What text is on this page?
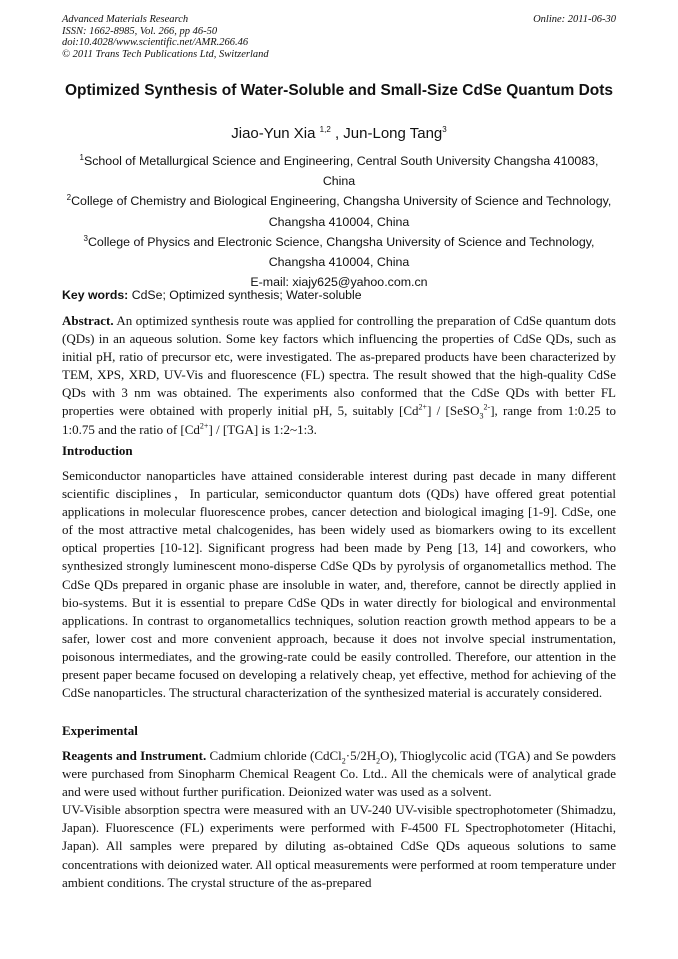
Advanced Materials Research
ISSN: 1662-8985, Vol. 266, pp 46-50
doi:10.4028/www.scientific.net/AMR.266.46
© 2011 Trans Tech Publications Ltd, Switzerland
Online: 2011-06-30
Optimized Synthesis of Water-Soluble and Small-Size CdSe Quantum Dots
Jiao-Yun Xia $^{1,2}$ , Jun-Long Tang$^3$
$^1$School of Metallurgical Science and Engineering, Central South University Changsha 410083, China
$^2$College of Chemistry and Biological Engineering, Changsha University of Science and Technology, Changsha 410004, China
$^3$College of Physics and Electronic Science, Changsha University of Science and Technology, Changsha 410004, China
E-mail: xiajy625@yahoo.com.cn
Key words: CdSe; Optimized synthesis; Water-soluble
Abstract. An optimized synthesis route was applied for controlling the preparation of CdSe quantum dots (QDs) in an aqueous solution. Some key factors which influencing the properties of CdSe QDs, such as initial pH, ratio of precursor etc, were investigated. The as-prepared products have been characterized by TEM, XPS, XRD, UV-Vis and fluorescence (FL) spectra. The result showed that the high-quality CdSe QDs with 3 nm was obtained. The experiments also conformed that the CdSe QDs with better FL properties were obtained with properly initial pH, 5, suitably $[Cd^{2+}]$ / [SeSO$_3^{2-}$], range from 1:0.25 to 1:0.75 and the ratio of $[Cd^{2+}] / [TGA]$ is 1:2~1:3.
Introduction
Semiconductor nanoparticles have attained considerable interest during past decade in many different scientific disciplines，In particular, semiconductor quantum dots (QDs) have offered great potential applications in molecular fluorescence probes, cancer detection and biological imaging [1-9]. CdSe, one of the most attractive metal chalcogenides, has been widely used as biomarkers owing to its excellent optical properties [10-12]. Significant progress had been made by Peng [13, 14] and coworkers, who synthesized strongly luminescent mono-disperse CdSe QDs by pyrolysis of organometallics method. The CdSe QDs prepared in organic phase are insoluble in water, and, therefore, cannot be directly applied in bio-systems. But it is essential to prepare CdSe QDs in water directly for biological and environmental applications. In contrast to organometallics techniques, solution reaction growth method appears to be a safer, lower cost and more convenient approach, because it does not involve special instrumentation, poisonous intermediates, and the growing-rate could be easily controlled. Therefore, our attention in the present paper became focused on developing a relatively cheap, yet effective, method for achieving of the CdSe nanoparticles. The structural characterization of the synthesized material is accurately considered.
Experimental

Reagents and Instrument. Cadmium chloride $(CdCl_2\cdot 5/2H_2O)$, Thioglycolic acid (TGA) and Se powders were purchased from Sinopharm Chemical Reagent Co. Ltd.. All the chemicals were of analytical grade and were used without further purification. Deionized water was used as a solvent.

UV-Visible absorption spectra were measured with an UV-240 UV-visible spectrophotometer (Shimadzu, Japan). Fluorescence (FL) experiments were performed with F-4500 FL Spectrophotometer (Hitachi, Japan). All samples were prepared by diluting as-obtained CdSe QDs aqueous solutions to same concentrations with deionized water. All optical measurements were performed at room temperature under ambient conditions. The crystal structure of the as-prepared
